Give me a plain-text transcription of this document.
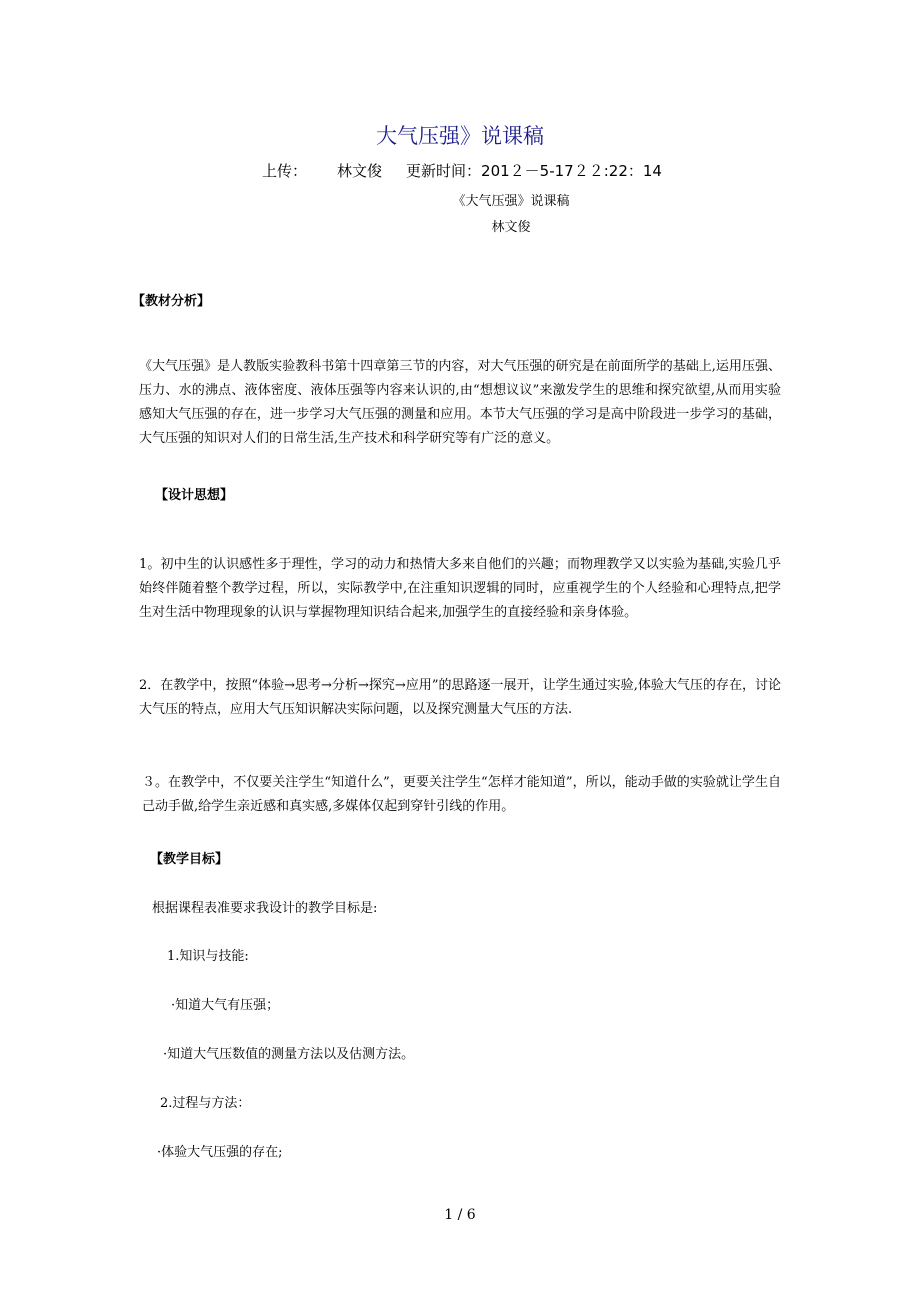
大气压强》说课稿
上传： 林文俊 更新时间：201２－5-17２２:22：14
《大气压强》说课稿
林文俊
【教材分析】
《大气压强》是人教版实验教科书第十四章第三节的内容，对大气压强的研究是在前面所学的基础上,运用压强、压力、水的沸点、液体密度、液体压强等内容来认识的,由“想想议议”来激发学生的思维和探究欲望,从而用实验感知大气压强的存在，进一步学习大气压强的测量和应用。本节大气压强的学习是高中阶段进一步学习的基础，大气压强的知识对人们的日常生活,生产技术和科学研究等有广泛的意义。
【设计思想】
1。初中生的认识感性多于理性，学习的动力和热情大多来自他们的兴趣；而物理教学又以实验为基础,实验几乎始终伴随着整个教学过程，所以，实际教学中,在注重知识逻辑的同时，应重视学生的个人经验和心理特点,把学生对生活中物理现象的认识与掌握物理知识结合起来,加强学生的直接经验和亲身体验。
2．在教学中，按照“体验→思考→分析→探究→应用”的思路逐一展开，让学生通过实验,体验大气压的存在，讨论大气压的特点，应用大气压知识解决实际问题，以及探究测量大气压的方法.
３。在教学中，不仅要关注学生“知道什么”，更要关注学生“怎样才能知道”，所以，能动手做的实验就让学生自己动手做,给学生亲近感和真实感,多媒体仅起到穿针引线的作用。
【教学目标】
根据课程表准要求我设计的教学目标是:
1.知识与技能:
·知道大气有压强；
·知道大气压数值的测量方法以及估测方法。
2.过程与方法：
·体验大气压强的存在;
1 / 6
